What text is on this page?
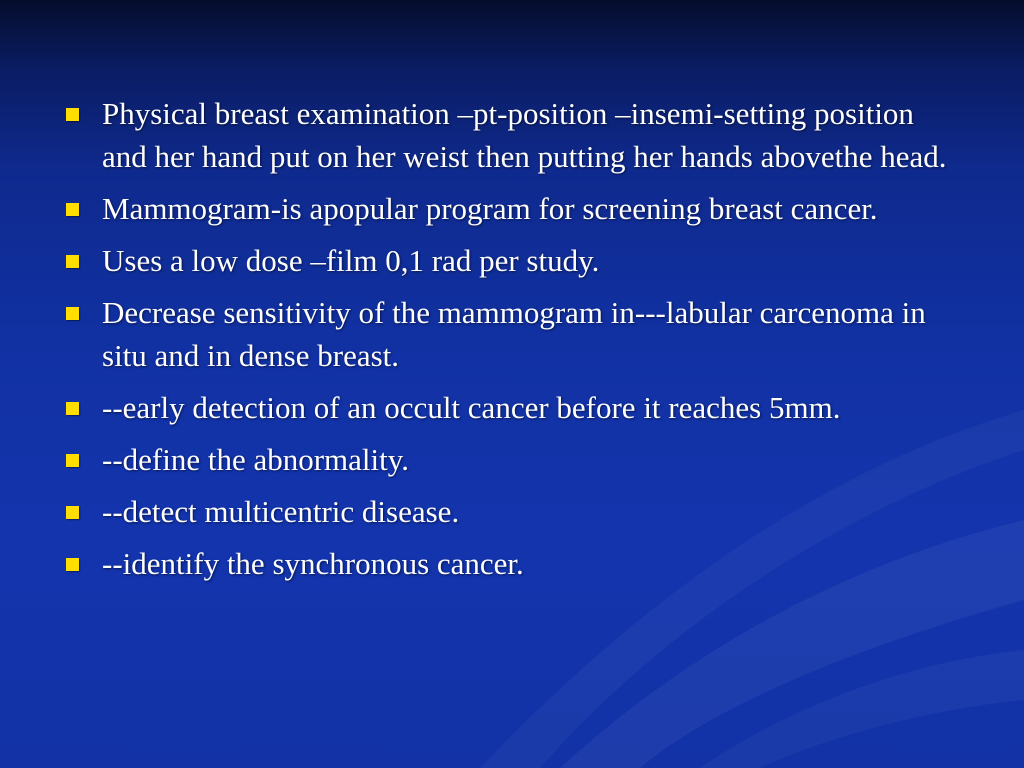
Physical breast examination –pt-position –insemi-setting position and her hand put on her weist then putting her hands abovethe head.
Mammogram-is apopular program for screening breast cancer.
Uses a low dose –film 0,1 rad per study.
Decrease sensitivity of the mammogram in---labular carcenoma in situ and in dense breast.
--early detection of an occult cancer before it reaches 5mm.
--define the abnormality.
--detect multicentric disease.
--identify the synchronous cancer.
